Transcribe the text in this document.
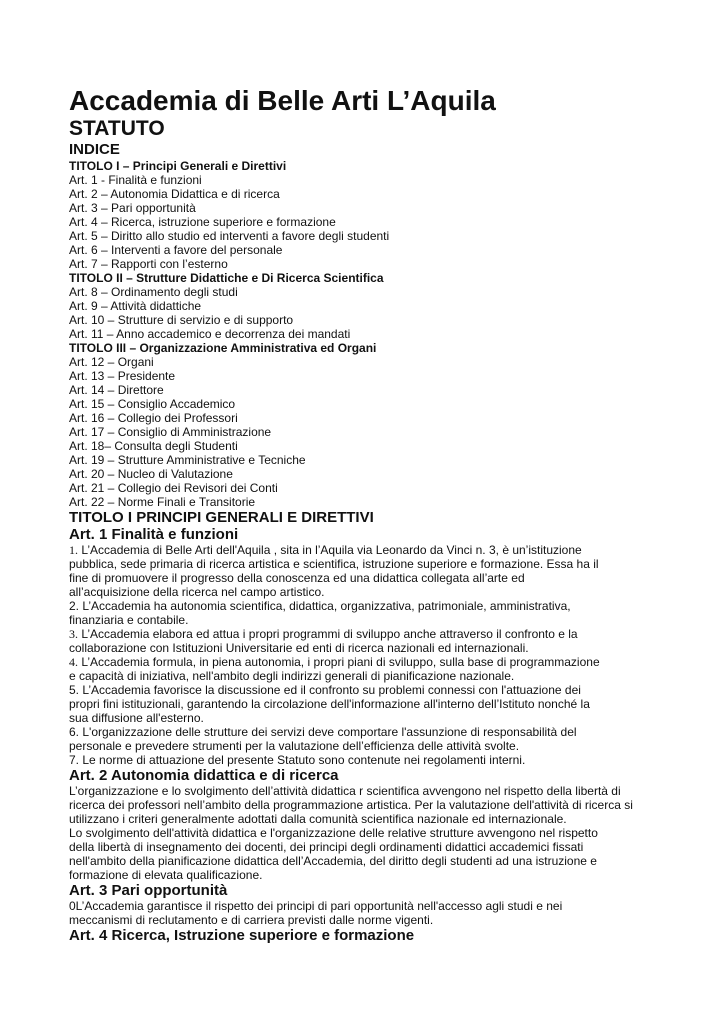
Accademia di Belle Arti L’Aquila
STATUTO
INDICE
TITOLO I – Principi Generali e Direttivi
Art. 1 - Finalità e funzioni
Art. 2 – Autonomia Didattica e di ricerca
Art. 3 – Pari opportunità
Art. 4 – Ricerca, istruzione superiore e formazione
Art. 5 – Diritto allo studio ed interventi a favore degli studenti
Art. 6 – Interventi a favore del personale
Art. 7 – Rapporti con l’esterno
TITOLO II – Strutture Didattiche e Di Ricerca Scientifica
Art. 8 – Ordinamento degli studi
Art. 9 – Attività didattiche
Art. 10 – Strutture di servizio e di supporto
Art. 11 – Anno accademico e decorrenza dei mandati
TITOLO III – Organizzazione Amministrativa ed Organi
Art. 12 – Organi
Art. 13 – Presidente
Art. 14 – Direttore
Art. 15 – Consiglio Accademico
Art. 16 – Collegio dei Professori
Art. 17 – Consiglio di Amministrazione
Art. 18– Consulta degli Studenti
Art. 19 – Strutture Amministrative e Tecniche
Art. 20 – Nucleo di Valutazione
Art. 21 – Collegio dei Revisori dei Conti
Art. 22 – Norme Finali e Transitorie
TITOLO I PRINCIPI GENERALI E DIRETTIVI
Art. 1 Finalità e funzioni
1. L’Accademia di Belle Arti dell'Aquila , sita in l’Aquila via Leonardo da Vinci n. 3, è un’istituzione
pubblica, sede primaria di ricerca artistica e scientifica, istruzione superiore e formazione. Essa ha il
fine di promuovere il progresso della conoscenza ed una didattica collegata all’arte ed
all’acquisizione della ricerca nel campo artistico.
2. L’Accademia ha autonomia scientifica, didattica, organizzativa, patrimoniale, amministrativa,
finanziaria e contabile.
3. L’Accademia elabora ed attua i propri programmi di sviluppo anche attraverso il confronto e la
collaborazione con Istituzioni Universitarie ed enti di ricerca nazionali ed internazionali.
4. L’Accademia formula, in piena autonomia, i propri piani di sviluppo, sulla base di programmazione
e capacità di iniziativa, nell'ambito degli indirizzi generali di pianificazione nazionale.
5. L’Accademia favorisce la discussione ed il confronto su problemi connessi con l'attuazione dei
propri fini istituzionali, garantendo la circolazione dell'informazione all'interno dell’Istituto nonché la
sua diffusione all'esterno.
6. L'organizzazione delle strutture dei servizi deve comportare l'assunzione di responsabilità del
personale e prevedere strumenti per la valutazione dell’efficienza delle attività svolte.
7. Le norme di attuazione del presente Statuto sono contenute nei regolamenti interni.
Art. 2 Autonomia didattica e di ricerca
L’organizzazione e lo svolgimento dell’attività didattica r scientifica avvengono nel rispetto della libertà di
ricerca dei professori nell’ambito della programmazione artistica. Per la valutazione dell'attività di ricerca si
utilizzano i criteri generalmente adottati dalla comunità scientifica nazionale ed internazionale.
Lo svolgimento dell'attività didattica e l'organizzazione delle relative strutture avvengono nel rispetto
della libertà di insegnamento dei docenti, dei principi degli ordinamenti didattici accademici fissati
nell'ambito della pianificazione didattica dell’Accademia, del diritto degli studenti ad una istruzione e
formazione di elevata qualificazione.
Art. 3 Pari opportunità
0L’Accademia garantisce il rispetto dei principi di pari opportunità nell'accesso agli studi e nei
meccanismi di reclutamento e di carriera previsti dalle norme vigenti.
Art. 4 Ricerca, Istruzione superiore e formazione
